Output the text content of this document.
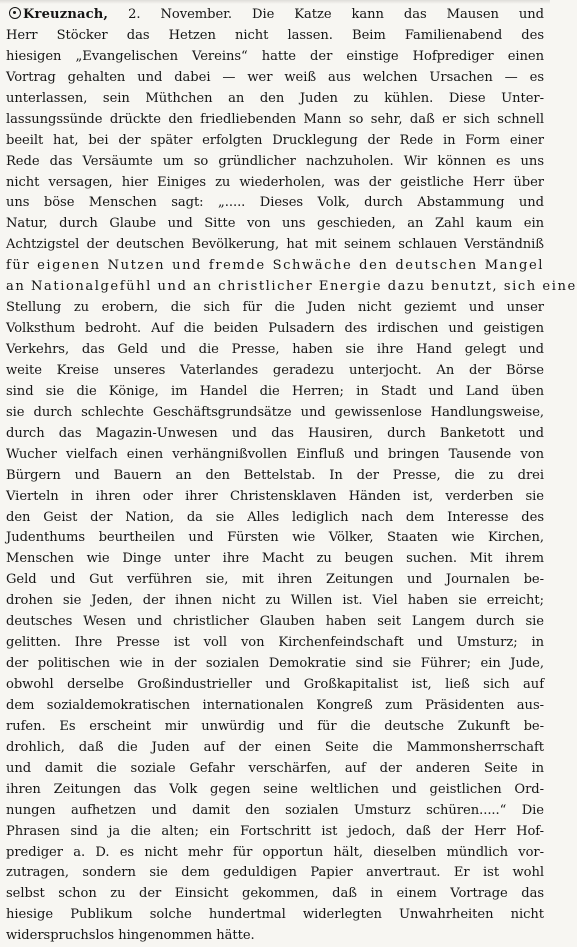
Kreuznach, 2. November. Die Katze kann das Mausen und
Herr Stöcker das Hetzen nicht lassen. Beim Familienabend des
hiesigen „Evangelischen Vereins“ hatte der einstige Hofprediger einen
Vortrag gehalten und dabei — wer weiß aus welchen Ursachen — es
unterlassen, sein Müthchen an den Juden zu kühlen. Diese Unter-
lassungssünde drückte den friedliebenden Mann so sehr, daß er sich schnell
beeilt hat, bei der später erfolgten Drucklegung der Rede in Form einer
Rede das Versäumte um so gründlicher nachzuholen. Wir können es uns
nicht versagen, hier Einiges zu wiederholen, was der geistliche Herr über
uns böse Menschen sagt: „..... Dieses Volk, durch Abstammung und
Natur, durch Glaube und Sitte von uns geschieden, an Zahl kaum ein
Achtzigstel der deutschen Bevölkerung, hat mit seinem schlauen Verständniß
für eigenen Nutzen und fremde Schwäche den deutschen Mangel
an Nationalgefühl und an christlicher Energie dazu benutzt, sich eine
Stellung zu erobern, die sich für die Juden nicht geziemt und unser
Volksthum bedroht. Auf die beiden Pulsadern des irdischen und geistigen
Verkehrs, das Geld und die Presse, haben sie ihre Hand gelegt und
weite Kreise unseres Vaterlandes geradezu unterjocht. An der Börse
sind sie die Könige, im Handel die Herren; in Stadt und Land üben
sie durch schlechte Geschäftsgrundsätze und gewissenlose Handlungsweise,
durch das Magazin-Unwesen und das Hausiren, durch Banketott und
Wucher vielfach einen verhängnißvollen Einfluß und bringen Tausende von
Bürgern und Bauern an den Bettelstab. In der Presse, die zu drei
Vierteln in ihren oder ihrer Christensklaven Händen ist, verderben sie
den Geist der Nation, da sie Alles lediglich nach dem Interesse des
Judenthums beurtheilen und Fürsten wie Völker, Staaten wie Kirchen,
Menschen wie Dinge unter ihre Macht zu beugen suchen. Mit ihrem
Geld und Gut verführen sie, mit ihren Zeitungen und Journalen be-
drohen sie Jeden, der ihnen nicht zu Willen ist. Viel haben sie erreicht;
deutsches Wesen und christlicher Glauben haben seit Langem durch sie
gelitten. Ihre Presse ist voll von Kirchenfeindschaft und Umsturz; in
der politischen wie in der sozialen Demokratie sind sie Führer; ein Jude,
obwohl derselbe Großindustrieller und Großkapitalist ist, ließ sich auf
dem sozialdemokratischen internationalen Kongreß zum Präsidenten aus-
rufen. Es erscheint mir unwürdig und für die deutsche Zukunft be-
drohlich, daß die Juden auf der einen Seite die Mammonsherrschaft
und damit die soziale Gefahr verschärfen, auf der anderen Seite in
ihren Zeitungen das Volk gegen seine weltlichen und geistlichen Ord-
nungen aufhetzen und damit den sozialen Umsturz schüren.....“ Die
Phrasen sind ja die alten; ein Fortschritt ist jedoch, daß der Herr Hof-
prediger a. D. es nicht mehr für opportun hält, dieselben mündlich vor-
zutragen, sondern sie dem geduldigen Papier anvertraut. Er ist wohl
selbst schon zu der Einsicht gekommen, daß in einem Vortrage das
hiesige Publikum solche hundertmal widerlegten Unwahrheiten nicht
widerspruchslos hingenommen hätte.
